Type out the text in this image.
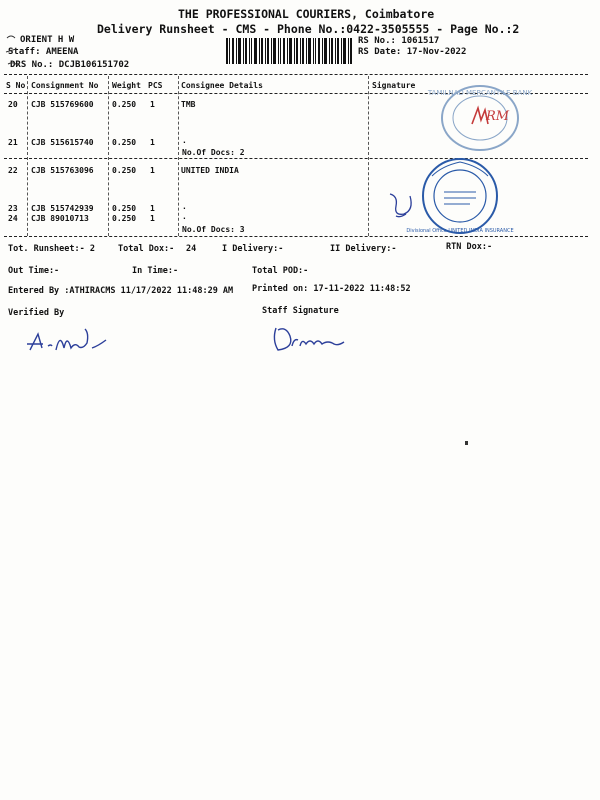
THE PROFESSIONAL COURIERS, Coimbatore
Delivery Runsheet - CMS - Phone No.:0422-3505555 - Page No.:2
ORIENT H W
Staff: AMEENA
DRS No.: DCJB106151702
RS No.: 1061517
RS Date: 17-Nov-2022
S No Consignment No Weight PCS Consignee Details	Signature
20 CJB 515769600 0.250 1	TMB
21 CJB 515615740 0.250 1	.
No.Of Docs: 2
22 CJB 515763096 0.250 1	UNITED INDIA
23 CJB 515742939 0.250 1	.
24 CJB 89010713	0.250 1	.
No.Of Docs: 3
TAMILNAD MERCANTILE BANK
RM
Divisional Office UNITED INDIA INSURANCE
Tot. Runsheet:- 2	Total Dox:- 24	I Delivery:-	II Delivery:-	RTN Dox:-
Out Time:-	In Time:-	Total POD:-
Entered By :ATHIRACMS 11/17/2022 11:48:29 AM Printed on: 17-11-2022 11:48:52
Verified By	Staff Signature
